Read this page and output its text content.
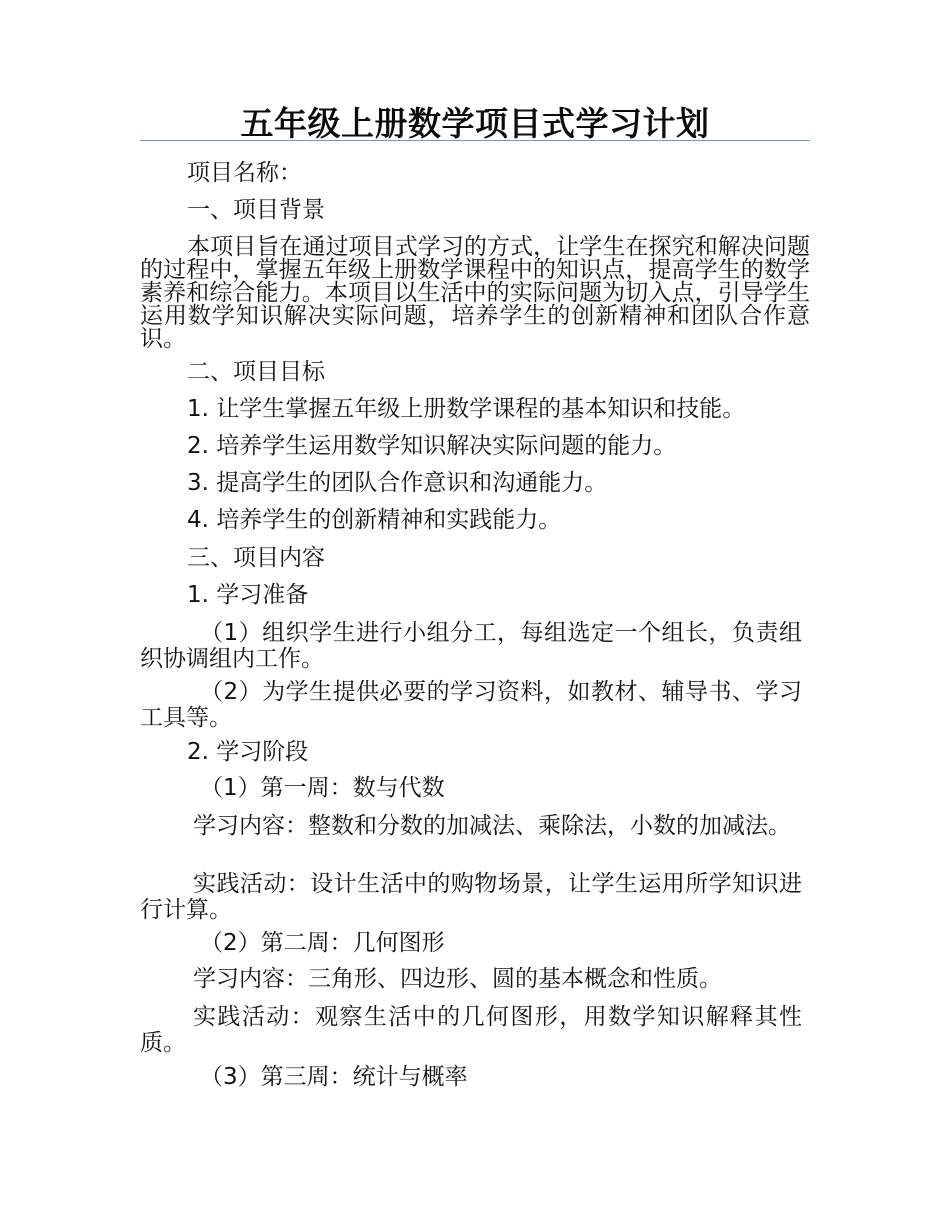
五年级上册数学项目式学习计划
项目名称：
一、项目背景
本项目旨在通过项目式学习的方式，让学生在探究和解决问题的过程中，掌握五年级上册数学课程中的知识点，提高学生的数学素养和综合能力。本项目以生活中的实际问题为切入点，引导学生运用数学知识解决实际问题，培养学生的创新精神和团队合作意识。
二、项目目标
1. 让学生掌握五年级上册数学课程的基本知识和技能。
2. 培养学生运用数学知识解决实际问题的能力。
3. 提高学生的团队合作意识和沟通能力。
4. 培养学生的创新精神和实践能力。
三、项目内容
1. 学习准备
（1）组织学生进行小组分工，每组选定一个组长，负责组织协调组内工作。
（2）为学生提供必要的学习资料，如教材、辅导书、学习工具等。
2. 学习阶段
（1）第一周：数与代数
学习内容：整数和分数的加减法、乘除法，小数的加减法。
实践活动：设计生活中的购物场景，让学生运用所学知识进行计算。
（2）第二周：几何图形
学习内容：三角形、四边形、圆的基本概念和性质。
实践活动：观察生活中的几何图形，用数学知识解释其性质。
（3）第三周：统计与概率
